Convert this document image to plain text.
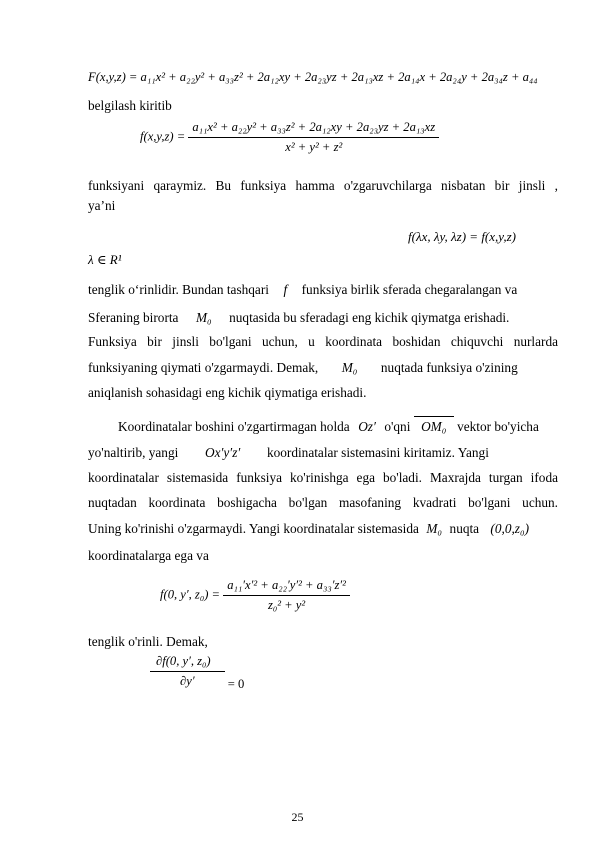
F(x,y,z) = a₁₁x² + a₂₂y² + a₃₃z² + 2a₁₂xy + 2a₂₃yz + 2a₁₃xz + 2a₁₄x + 2a₂₄y + 2a₃₄z + a₄₄
belgilash kiritib
$f(x,y,z) = \frac{\text{a₁₁x² + a₂₂y² + a₃₃z² + 2a₁₂xy + 2a₂₃yz + 2a₁₃xz}}{\text{x² + y² + z²}}$
funksiyani qaraymiz. Bu funksiya hamma o'zgaruvchilarga nisbatan bir jinsli ,
ya’ni
f(λx, λy, λz) = f(x,y,z)
λ ∈ R¹
tenglik o‘rinlidir. Bundan tashqari f funksiya birlik sferada chegaralangan va
Sferaning birorta M₀ nuqtasida bu sferadagi eng kichik qiymatga erishadi.
Funksiya bir jinsli bo'lgani uchun, u koordinata boshidan chiquvchi nurlarda
funksiyaning qiymati o'zgarmaydi. Demak, M₀ nuqtada funksiya o'zining
aniqlanish sohasidagi eng kichik qiymatiga erishadi.
Koordinatalar boshini o'zgartirmagan holda Oz′ o'qni OM₀ vektor bo'yicha
yo'naltirib, yangi Ox′y′z′ koordinatalar sistemasini kiritamiz. Yangi
koordinatalar sistemasida funksiya ko'rinishga ega bo'ladi. Maxrajda turgan ifoda
nuqtadan koordinata boshigacha bo'lgan masofaning kvadrati bo'lgani uchun.
Uning ko'rinishi o'zgarmaydi. Yangi koordinatalar sistemasida M₀ nuqta (0,0,z₀)
koordinatalarga ega va
f(0, y′, $z_0) = \frac{\text{a₁₁′x′² + a₂₂′y′² + a₃₃′z′²}}{\text{z₀² + y²}}$
tenglik o'rinli. Demak,
$\frac{\text{∂f(0, y′, z₀)}}{\partial y'} = 0$
25
